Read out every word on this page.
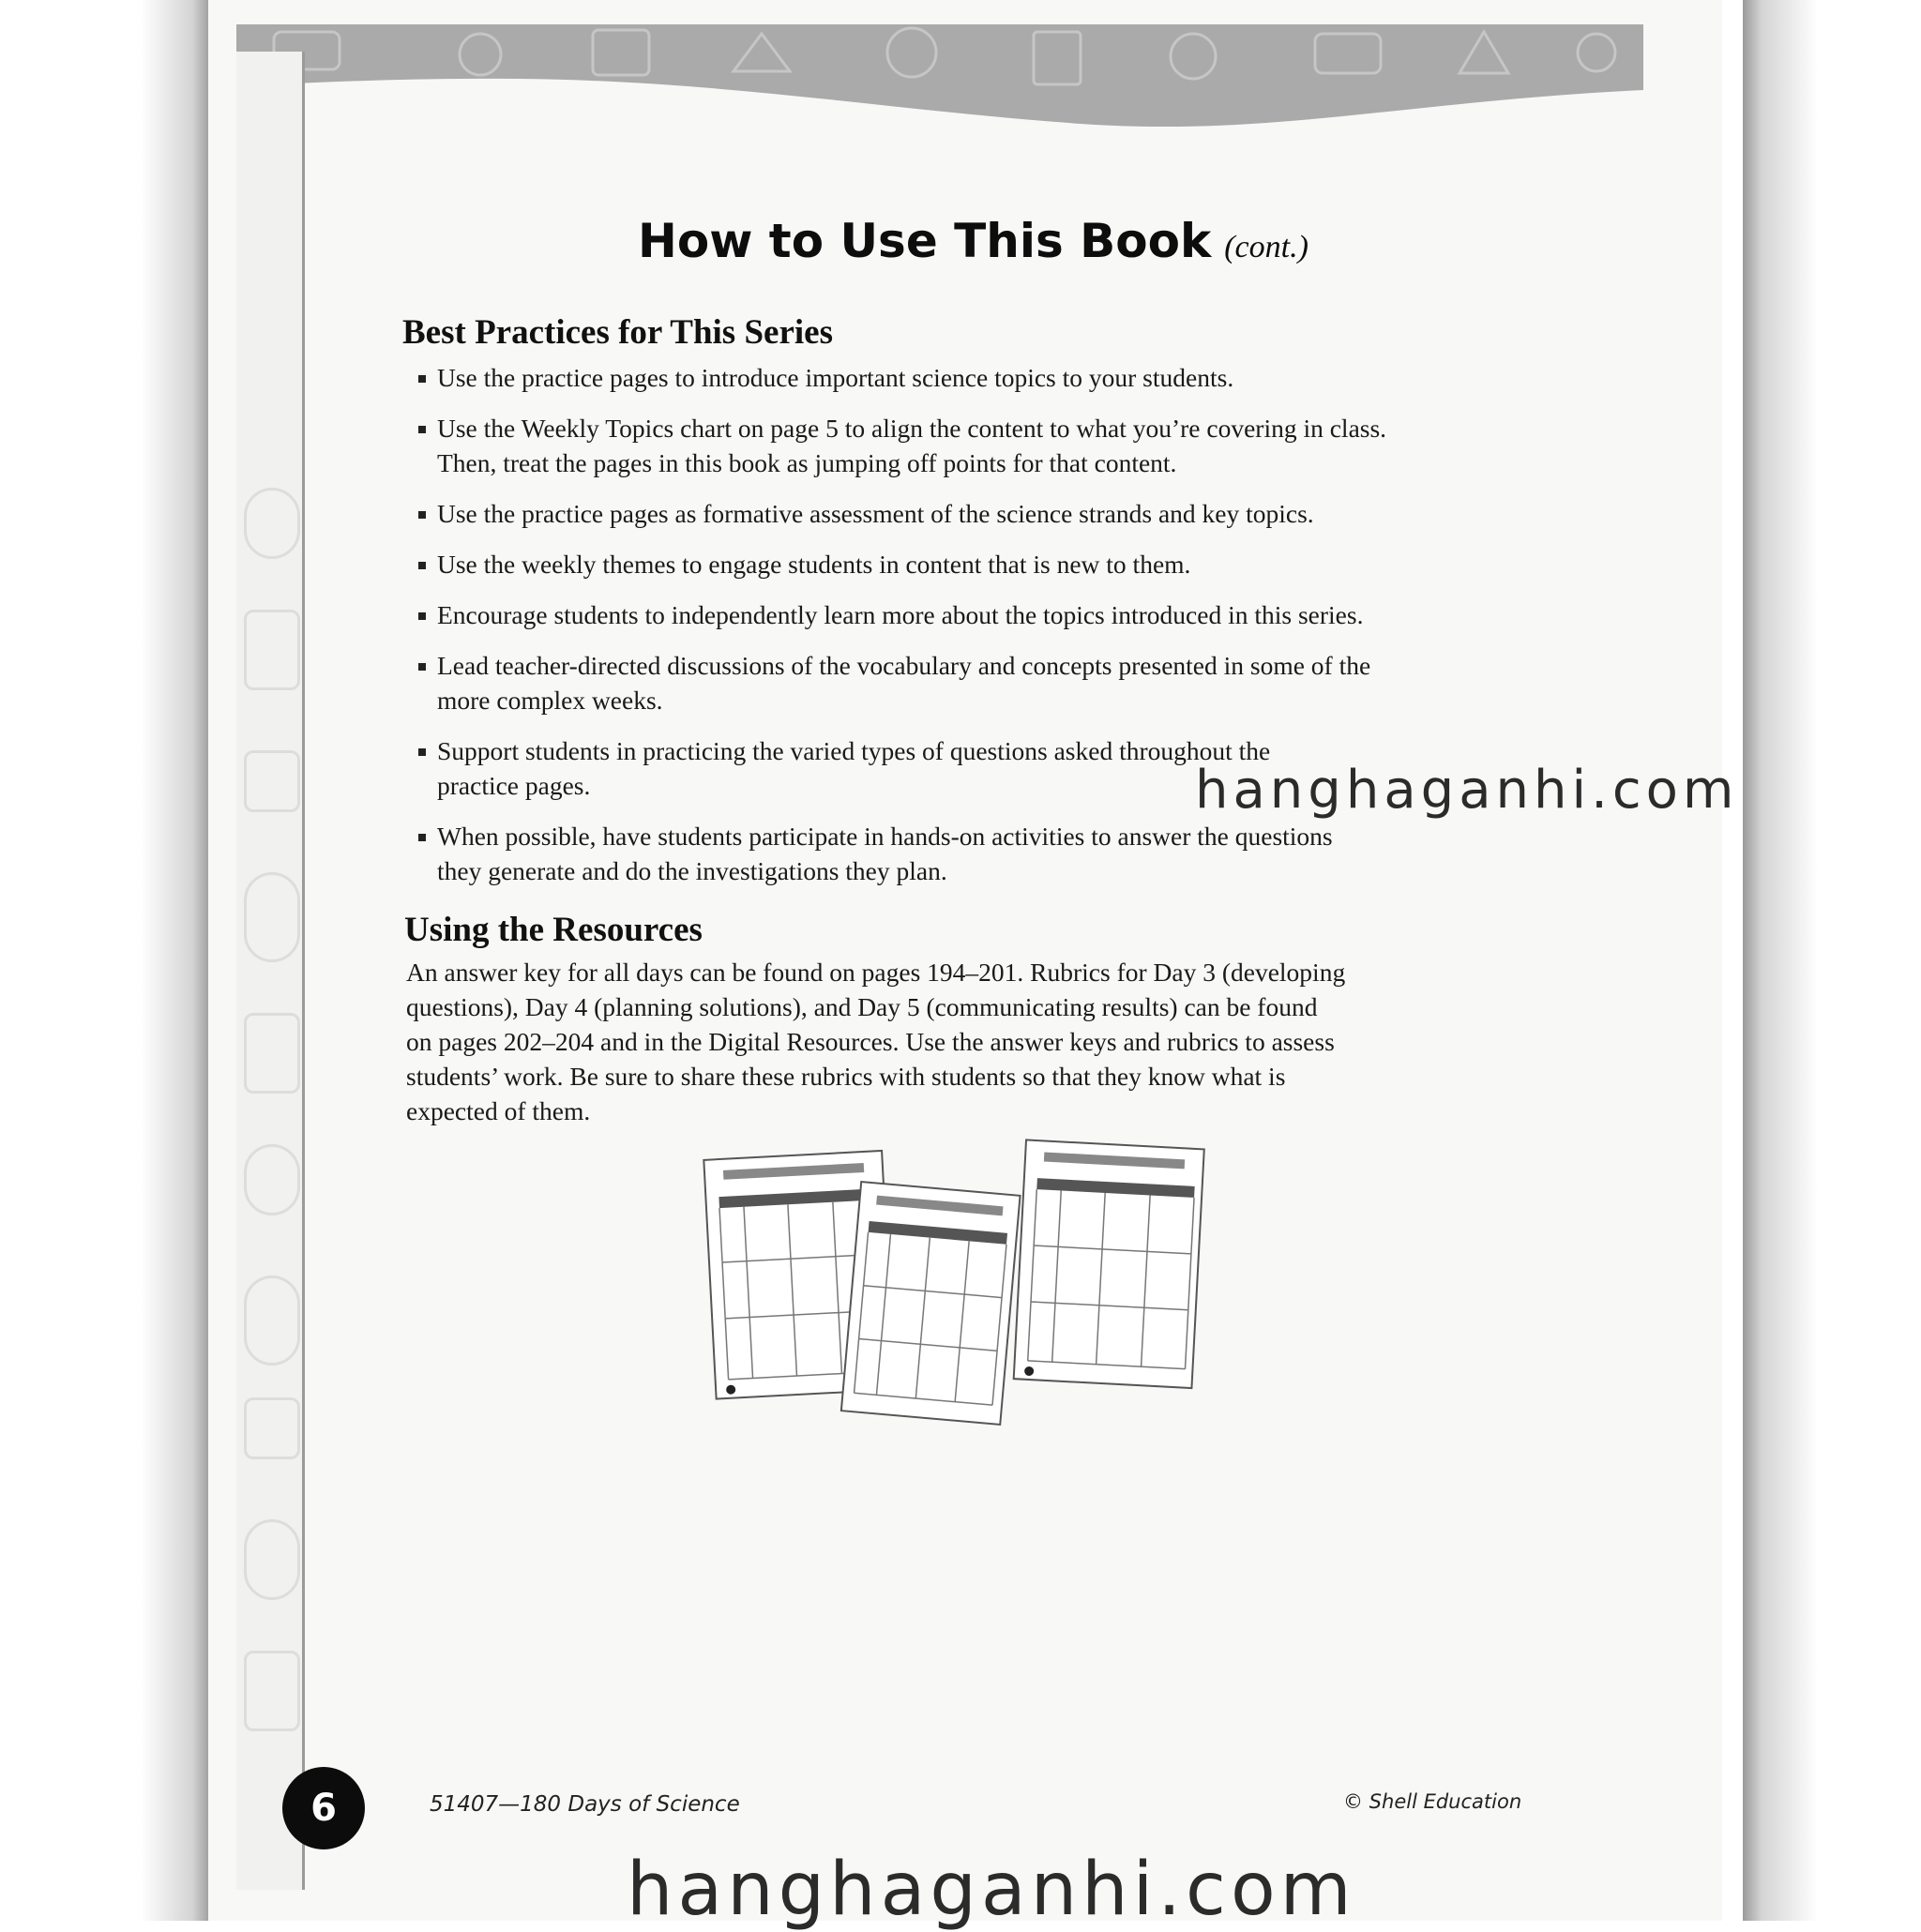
How to Use This Book (cont.)
Best Practices for This Series
Use the practice pages to introduce important science topics to your students.
Use the Weekly Topics chart on page 5 to align the content to what you’re covering in class.
Then, treat the pages in this book as jumping off points for that content.
Use the practice pages as formative assessment of the science strands and key topics.
Use the weekly themes to engage students in content that is new to them.
Encourage students to independently learn more about the topics introduced in this series.
Lead teacher-directed discussions of the vocabulary and concepts presented in some of the
more complex weeks.
Support students in practicing the varied types of questions asked throughout the
practice pages.
When possible, have students participate in hands-on activities to answer the questions
they generate and do the investigations they plan.
Using the Resources
An answer key for all days can be found on pages 194–201. Rubrics for Day 3 (developing
questions), Day 4 (planning solutions), and Day 5 (communicating results) can be found
on pages 202–204 and in the Digital Resources. Use the answer keys and rubrics to assess
students’ work. Be sure to share these rubrics with students so that they know what is
expected of them.
6	51407—180 Days of Science	© Shell Education
hanghaganhi.com
hanghaganhi.com
